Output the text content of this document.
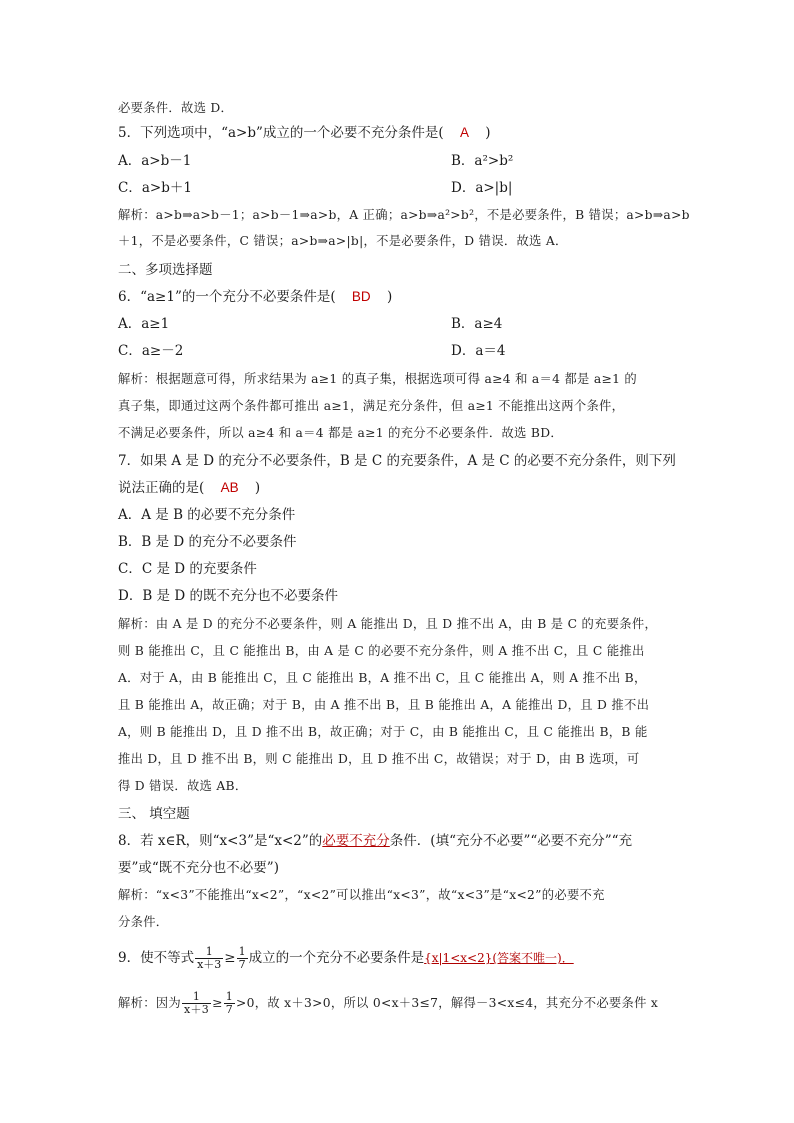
必要条件．故选 D．
5．下列选项中，“a>b”成立的一个必要不充分条件是( A )
A．a>b－1	B．a²>b²
C．a>b＋1	D．a>|b|
解析：a>b⇒a>b－1；a>b－1⇒a>b，A 正确；a>b⇒a²>b²，不是必要条件，B 错误；a>b⇒a>b
＋1，不是必要条件，C 错误；a>b⇒a>|b|，不是必要条件，D 错误．故选 A．
二、多项选择题
6．“a≥1”的一个充分不必要条件是( BD )
A．a≥1	B．a≥4
C．a≥－2	D．a＝4
解析：根据题意可得，所求结果为 a≥1 的真子集，根据选项可得 a≥4 和 a＝4 都是 a≥1 的
真子集，即通过这两个条件都可推出 a≥1，满足充分条件，但 a≥1 不能推出这两个条件，
不满足必要条件，所以 a≥4 和 a＝4 都是 a≥1 的充分不必要条件．故选 BD．
7．如果 A 是 D 的充分不必要条件，B 是 C 的充要条件，A 是 C 的必要不充分条件，则下列
说法正确的是( AB )
A．A 是 B 的必要不充分条件
B．B 是 D 的充分不必要条件
C．C 是 D 的充要条件
D．B 是 D 的既不充分也不必要条件
解析：由 A 是 D 的充分不必要条件，则 A 能推出 D，且 D 推不出 A，由 B 是 C 的充要条件，
则 B 能推出 C，且 C 能推出 B，由 A 是 C 的必要不充分条件，则 A 推不出 C，且 C 能推出
A．对于 A，由 B 能推出 C，且 C 能推出 B，A 推不出 C，且 C 能推出 A，则 A 推不出 B，
且 B 能推出 A，故正确；对于 B，由 A 推不出 B，且 B 能推出 A，A 能推出 D，且 D 推不出
A，则 B 能推出 D，且 D 推不出 B，故正确；对于 C，由 B 能推出 C，且 C 能推出 B，B 能
推出 D，且 D 推不出 B，则 C 能推出 D，且 D 推不出 C，故错误；对于 D，由 B 选项，可
得 D 错误．故选 AB．
三、 填空题
8．若 x∈R，则“x<3”是“x<2”的必要不充分条件．(填“充分不必要”“必要不充分”“充
要”或“既不充分也不必要”)
解析：“x<3”不能推出“x<2”，“x<2”可以推出“x<3”，故“x<3”是“x<2”的必要不充
分条件．
9．使不等式 $\frac{1}{x+3} \ge \frac{1}{7}$ 成立的一个充分不必要条件是{x|1<x<2}(答案不唯一)．
解析：因为 $\frac{1}{x+3} \ge \frac{1}{7} >0$，故 x＋3>0，所以 0<x＋3≤7，解得－3<x≤4，其充分不必要条件 x
